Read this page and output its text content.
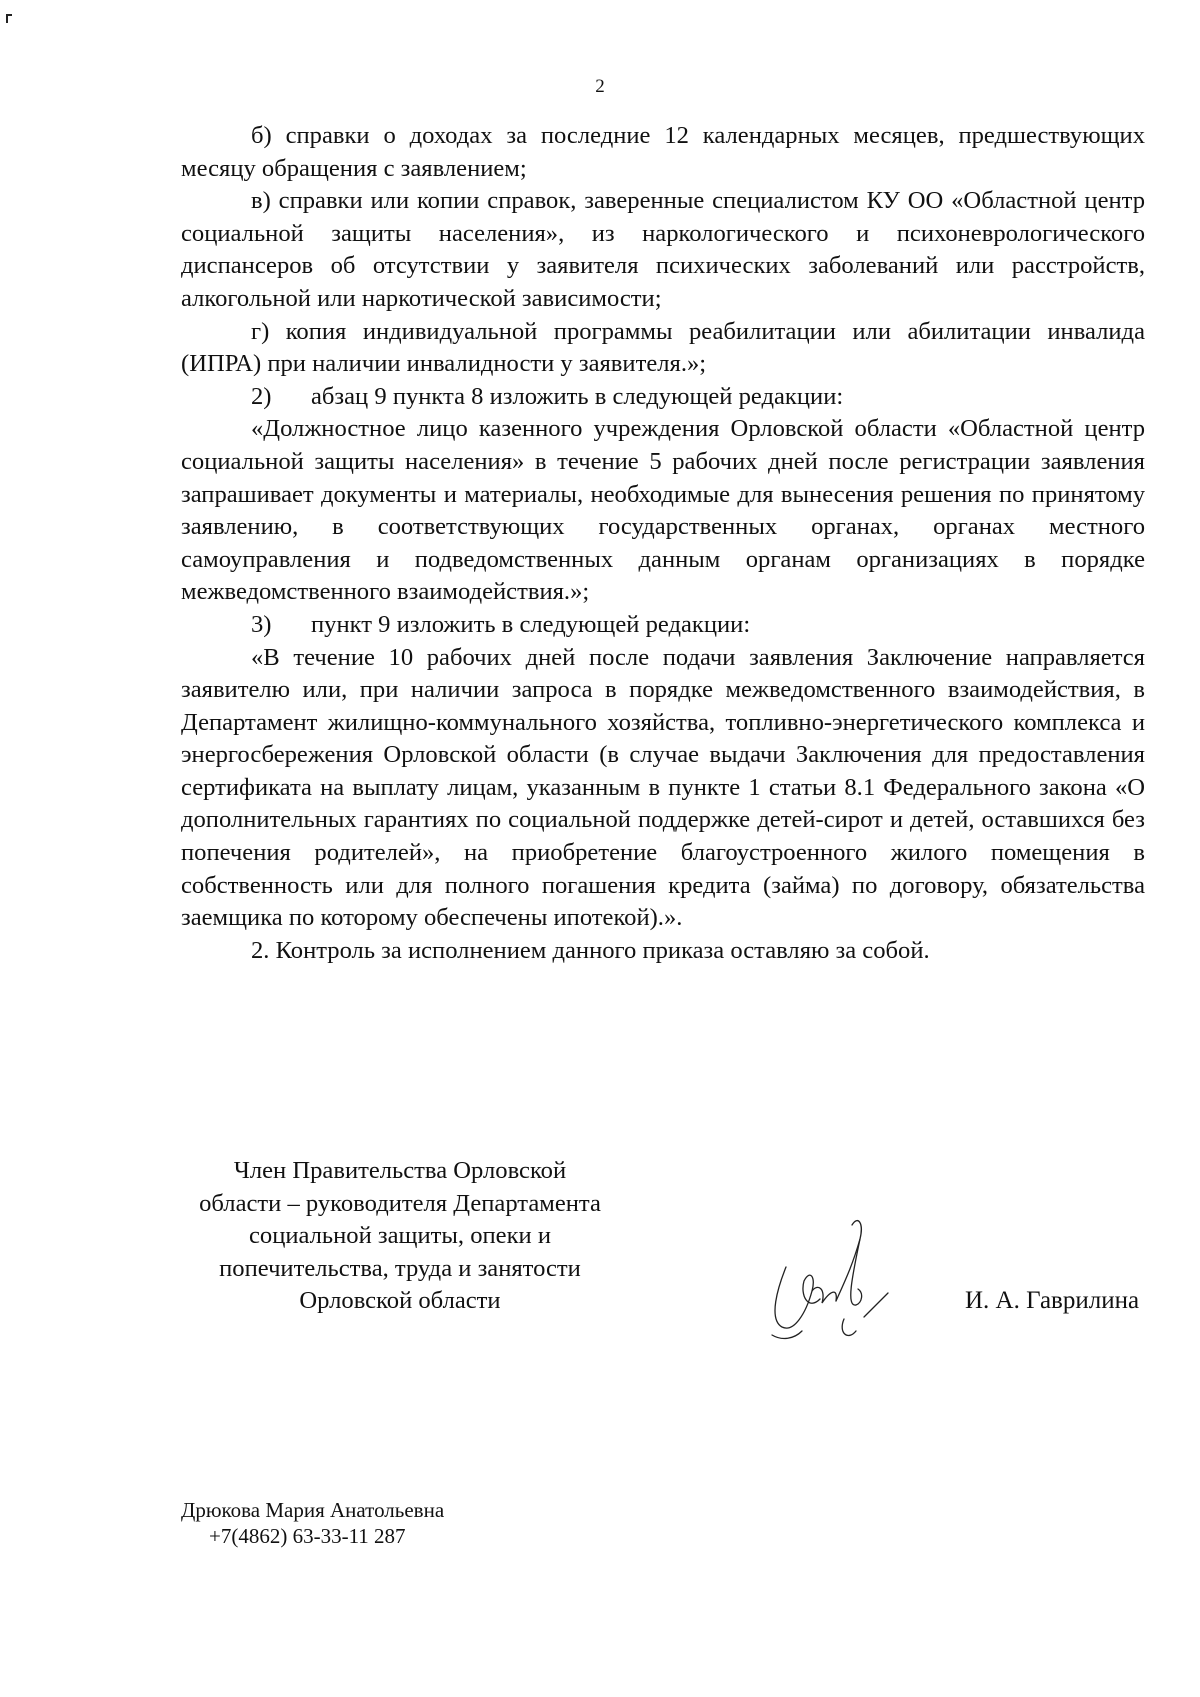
2

б) справки о доходах за последние 12 календарных месяцев, предшествующих месяцу обращения с заявлением;

в) справки или копии справок, заверенные специалистом КУ ОО «Областной центр социальной защиты населения», из наркологического и психоневрологического диспансеров об отсутствии у заявителя психических заболеваний или расстройств, алкогольной или наркотической зависимости;

г) копия индивидуальной программы реабилитации или абилитации инвалида (ИПРА) при наличии инвалидности у заявителя.»;

2)	абзац 9 пункта 8 изложить в следующей редакции:

«Должностное лицо казенного учреждения Орловской области «Областной центр социальной защиты населения» в течение 5 рабочих дней после регистрации заявления запрашивает документы и материалы, необходимые для вынесения решения по принятому заявлению, в соответствующих государственных органах, органах местного самоуправления и подведомственных данным органам организациях в порядке межведомственного взаимодействия.»;

3)	пункт 9 изложить в следующей редакции:

«В течение 10 рабочих дней после подачи заявления Заключение направляется заявителю или, при наличии запроса в порядке межведомственного взаимодействия, в Департамент жилищно-коммунального хозяйства, топливно-энергетического комплекса и энергосбережения Орловской области (в случае выдачи Заключения для предоставления сертификата на выплату лицам, указанным в пункте 1 статьи 8.1 Федерального закона «О дополнительных гарантиях по социальной поддержке детей-сирот и детей, оставшихся без попечения родителей», на приобретение благоустроенного жилого помещения в собственность или для полного погашения кредита (займа) по договору, обязательства заемщика по которому обеспечены ипотекой).».

2. Контроль за исполнением данного приказа оставляю за собой.

Член Правительства Орловской
области – руководителя Департамента
социальной защиты, опеки и
попечительства, труда и занятости
Орловской области	И. А. Гаврилина
Дрюкова Мария Анатольевна
+7(4862) 63-33-11 287
